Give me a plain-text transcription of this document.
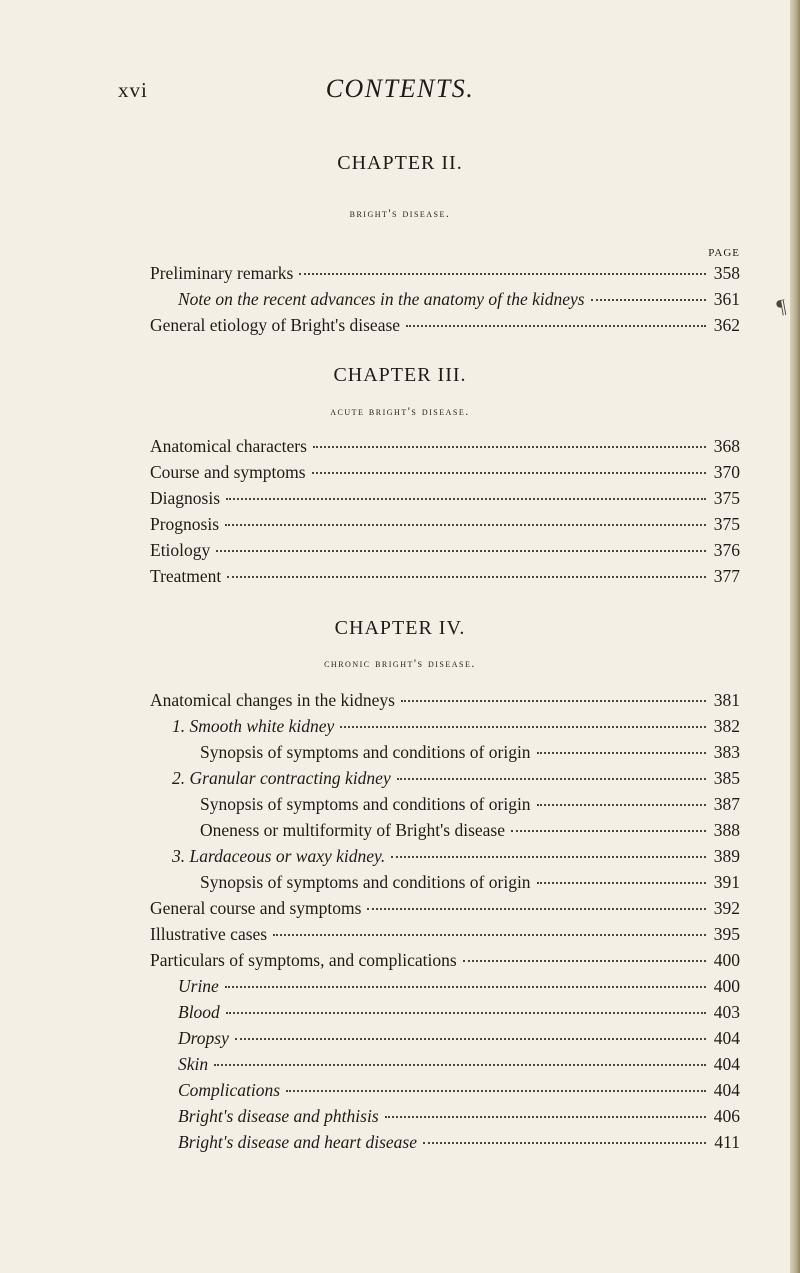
xvi	CONTENTS.
CHAPTER II.
bright's disease.
PAGE
Preliminary remarks	358
Note on the recent advances in the anatomy of the kidneys	361
General etiology of Bright's disease	362
CHAPTER III.
acute bright's disease.
Anatomical characters	368
Course and symptoms	370
Diagnosis	375
Prognosis	375
Etiology	376
Treatment	377
CHAPTER IV.
chronic bright's disease.
Anatomical changes in the kidneys	381
1. Smooth white kidney	382
Synopsis of symptoms and conditions of origin	383
2. Granular contracting kidney	385
Synopsis of symptoms and conditions of origin	387
Oneness or multiformity of Bright's disease	388
3. Lardaceous or waxy kidney.	389
Synopsis of symptoms and conditions of origin	391
General course and symptoms	392
Illustrative cases	395
Particulars of symptoms, and complications	400
Urine	400
Blood	403
Dropsy	404
Skin	404
Complications	404
Bright's disease and phthisis	406
Bright's disease and heart disease	411
¶
